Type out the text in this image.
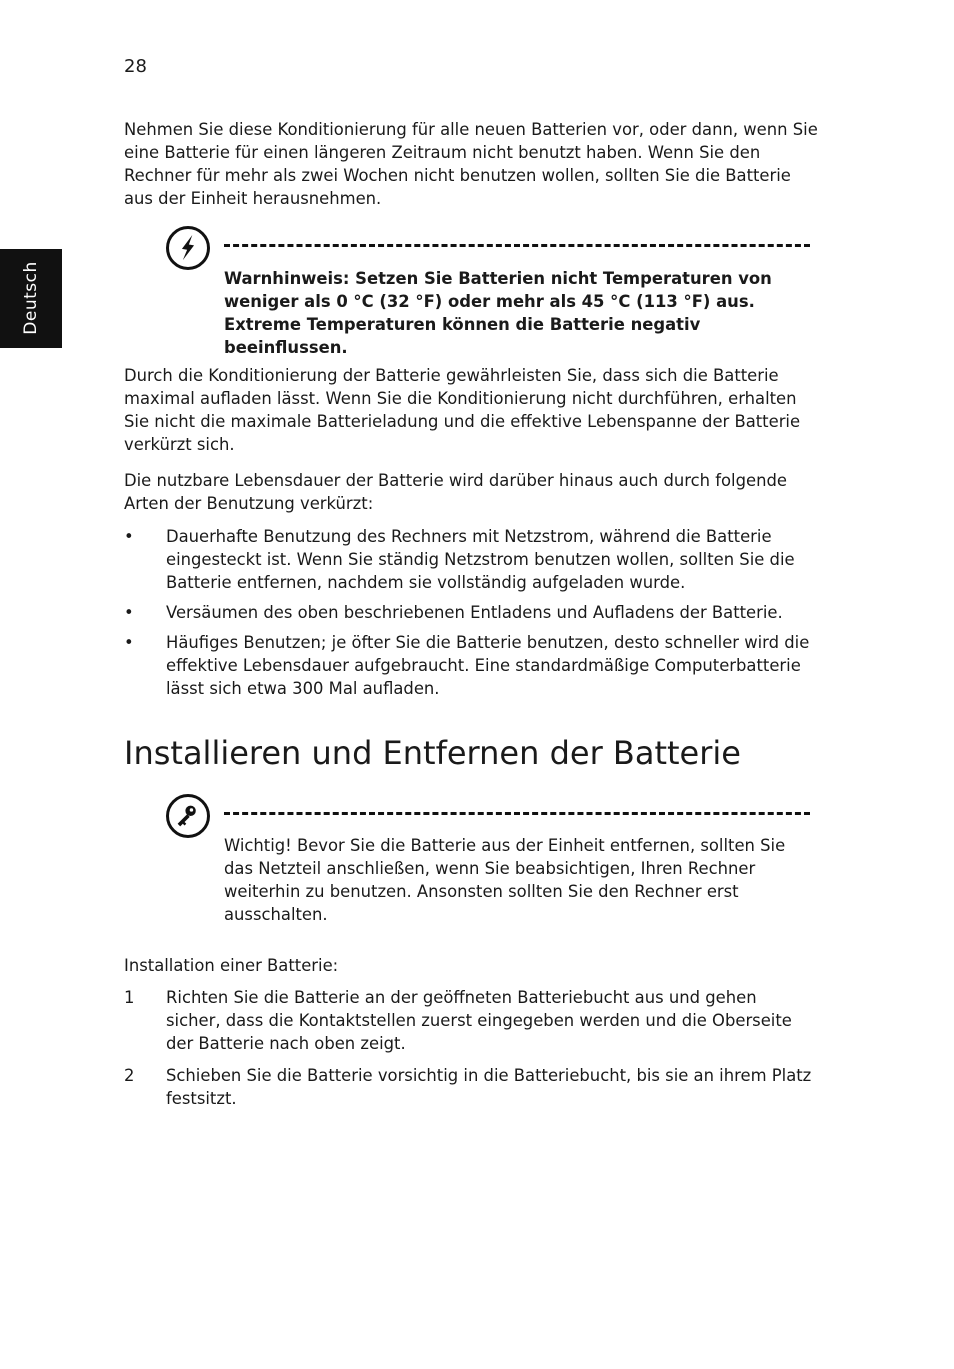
28
Deutsch

Nehmen Sie diese Konditionierung für alle neuen Batterien vor, oder dann, wenn Sie eine Batterie für einen längeren Zeitraum nicht benutzt haben. Wenn Sie den Rechner für mehr als zwei Wochen nicht benutzen wollen, sollten Sie die Batterie aus der Einheit herausnehmen.

Warnhinweis: Setzen Sie Batterien nicht Temperaturen von weniger als 0 °C (32 °F) oder mehr als 45 °C (113 °F) aus. Extreme Temperaturen können die Batterie negativ beeinflussen.

Durch die Konditionierung der Batterie gewährleisten Sie, dass sich die Batterie maximal aufladen lässt. Wenn Sie die Konditionierung nicht durchführen, erhalten Sie nicht die maximale Batterieladung und die effektive Lebenspanne der Batterie verkürzt sich.

Die nutzbare Lebensdauer der Batterie wird darüber hinaus auch durch folgende Arten der Benutzung verkürzt:

• Dauerhafte Benutzung des Rechners mit Netzstrom, während die Batterie eingesteckt ist. Wenn Sie ständig Netzstrom benutzen wollen, sollten Sie die Batterie entfernen, nachdem sie vollständig aufgeladen wurde.

• Versäumen des oben beschriebenen Entladens und Aufladens der Batterie.

• Häufiges Benutzen; je öfter Sie die Batterie benutzen, desto schneller wird die effektive Lebensdauer aufgebraucht. Eine standardmäßige Computerbatterie lässt sich etwa 300 Mal aufladen.

Installieren und Entfernen der Batterie

Wichtig! Bevor Sie die Batterie aus der Einheit entfernen, sollten Sie das Netzteil anschließen, wenn Sie beabsichtigen, Ihren Rechner weiterhin zu benutzen. Ansonsten sollten Sie den Rechner erst ausschalten.

Installation einer Batterie:

1 Richten Sie die Batterie an der geöffneten Batteriebucht aus und gehen sicher, dass die Kontaktstellen zuerst eingegeben werden und die Oberseite der Batterie nach oben zeigt.

2 Schieben Sie die Batterie vorsichtig in die Batteriebucht, bis sie an ihrem Platz festsitzt.
